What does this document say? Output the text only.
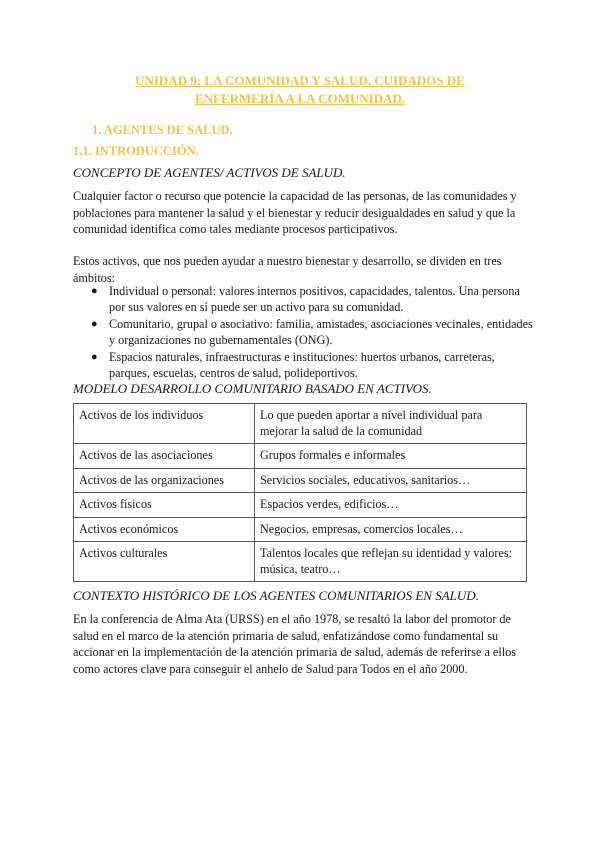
UNIDAD 9: LA COMUNIDAD Y SALUD. CUIDADOS DE ENFERMERÍA A LA COMUNIDAD.
1. AGENTES DE SALUD.
1.1. INTRODUCCIÓN.
CONCEPTO DE AGENTES/ ACTIVOS DE SALUD.
Cualquier factor o recurso que potencie la capacidad de las personas, de las comunidades y poblaciones para mantener la salud y el bienestar y reducir desigualdades en salud y que la comunidad identifica como tales mediante procesos participativos.
Estos activos, que nos pueden ayudar a nuestro bienestar y desarrollo, se dividen en tres ámbitos:
● Individual o personal: valores internos positivos, capacidades, talentos. Una persona por sus valores en sí puede ser un activo para su comunidad.
● Comunitario, grupal o asociativo: familia, amistades, asociaciones vecinales, entidades y organizaciones no gubernamentales (ONG).
● Espacios naturales, infraestructuras e instituciones: huertos urbanos, carreteras, parques, escuelas, centros de salud, polideportivos.
MODELO DESARROLLO COMUNITARIO BASADO EN ACTIVOS.
Activos de los individuos	Lo que pueden aportar a nivel individual para mejorar la salud de la comunidad
Activos de las asociaciones	Grupos formales e informales
Activos de las organizaciones	Servicios sociales, educativos, sanitarios…
Activos físicos	Espacios verdes, edificios…
Activos económicos	Negocios, empresas, comercios locales…
Activos culturales	Talentos locales que reflejan su identidad y valores: música, teatro…
CONTEXTO HISTÓRICO DE LOS AGENTES COMUNITARIOS EN SALUD.
En la conferencia de Alma Ata (URSS) en el año 1978, se resaltó la labor del promotor de salud en el marco de la atención primaria de salud, enfatizándose como fundamental su accionar en la implementación de la atención primaria de salud, además de referirse a ellos como actores clave para conseguir el anhelo de Salud para Todos en el año 2000.
